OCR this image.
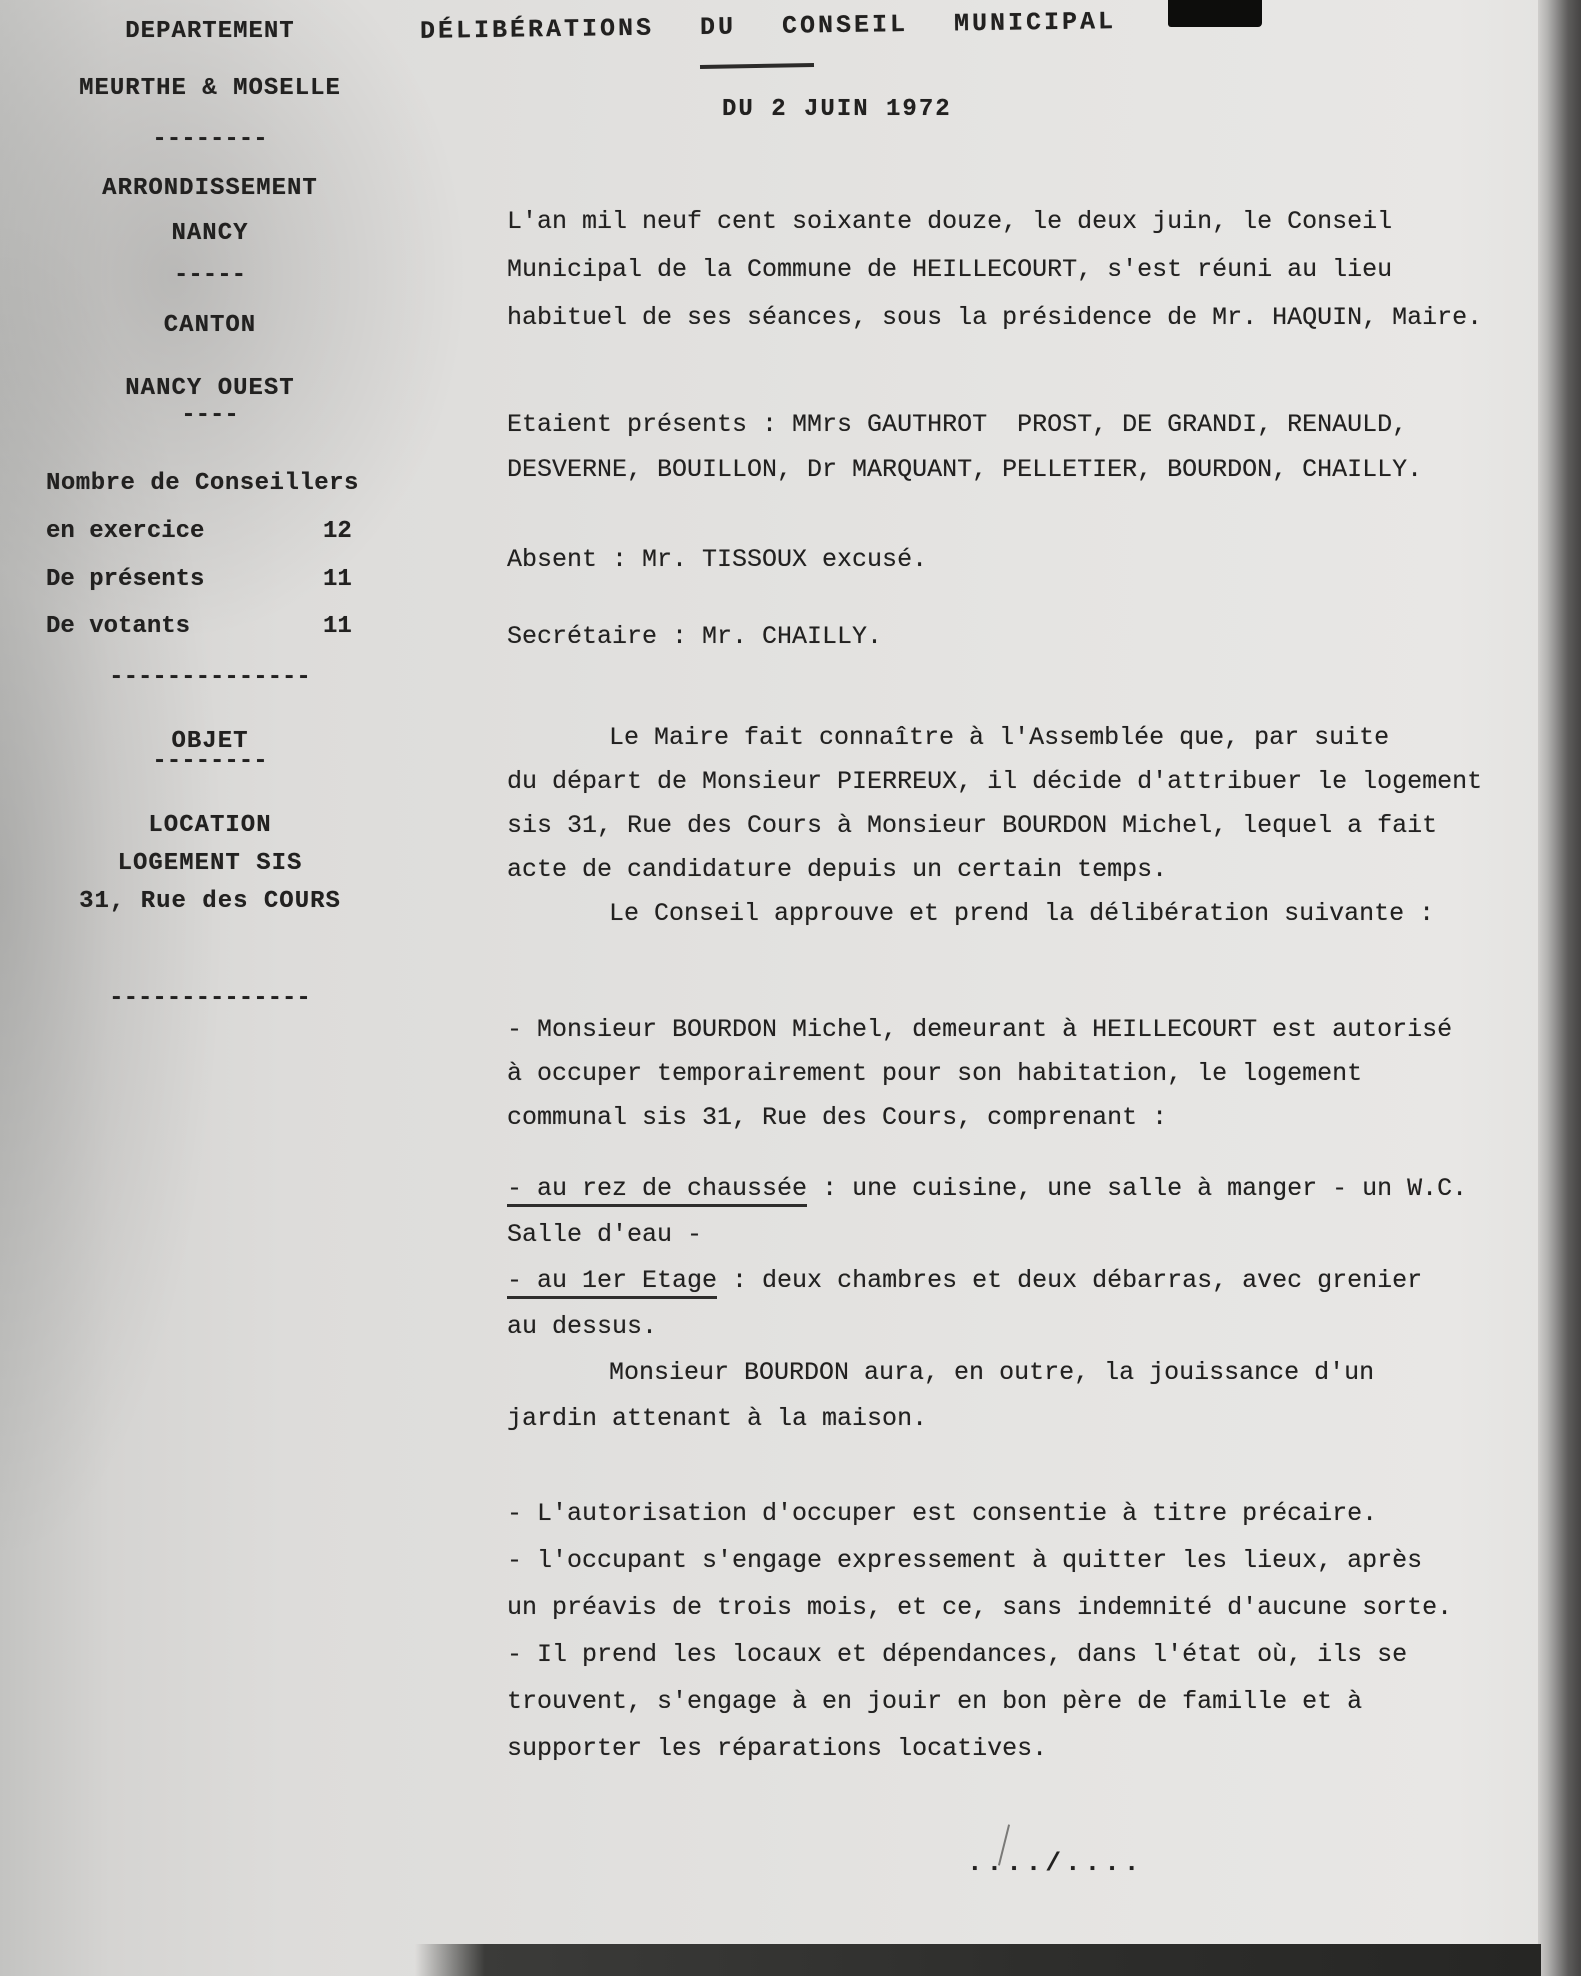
DÉLIBÉRATIONS DU CONSEIL MUNICIPAL
DU 2 JUIN 1972
DEPARTEMENT
MEURTHE & MOSELLE
--------
ARRONDISSEMENT
NANCY
-----
CANTON
NANCY OUEST
----
Nombre de Conseillers
en exercice	12
De présents	11
De votants	11
--------------
OBJET
--------
LOCATION
LOGEMENT SIS
31, Rue des COURS
--------------
L'an mil neuf cent soixante douze, le deux juin, le Conseil
Municipal de la Commune de HEILLECOURT, s'est réuni au lieu
habituel de ses séances, sous la présidence de Mr. HAQUIN, Maire.
Etaient présents : MMrs GAUTHROT  PROST, DE GRANDI, RENAULD,
DESVERNE, BOUILLON, Dr MARQUANT, PELLETIER, BOURDON, CHAILLY.
Absent : Mr. TISSOUX excusé.
Secrétaire : Mr. CHAILLY.
Le Maire fait connaître à l'Assemblée que, par suite
du départ de Monsieur PIERREUX, il décide d'attribuer le logement
sis 31, Rue des Cours à Monsieur BOURDON Michel, lequel a fait
acte de candidature depuis un certain temps.
Le Conseil approuve et prend la délibération suivante :
- Monsieur BOURDON Michel, demeurant à HEILLECOURT est autorisé
à occuper temporairement pour son habitation, le logement
communal sis 31, Rue des Cours, comprenant :
- au rez de chaussée : une cuisine, une salle à manger - un W.C.
Salle d'eau -
- au 1er Etage : deux chambres et deux débarras, avec grenier
au dessus.
Monsieur BOURDON aura, en outre, la jouissance d'un
jardin attenant à la maison.
- L'autorisation d'occuper est consentie à titre précaire.
- l'occupant s'engage expressement à quitter les lieux, après
un préavis de trois mois, et ce, sans indemnité d'aucune sorte.
- Il prend les locaux et dépendances, dans l'état où, ils se
trouvent, s'engage à en jouir en bon père de famille et à
supporter les réparations locatives.
..../....
